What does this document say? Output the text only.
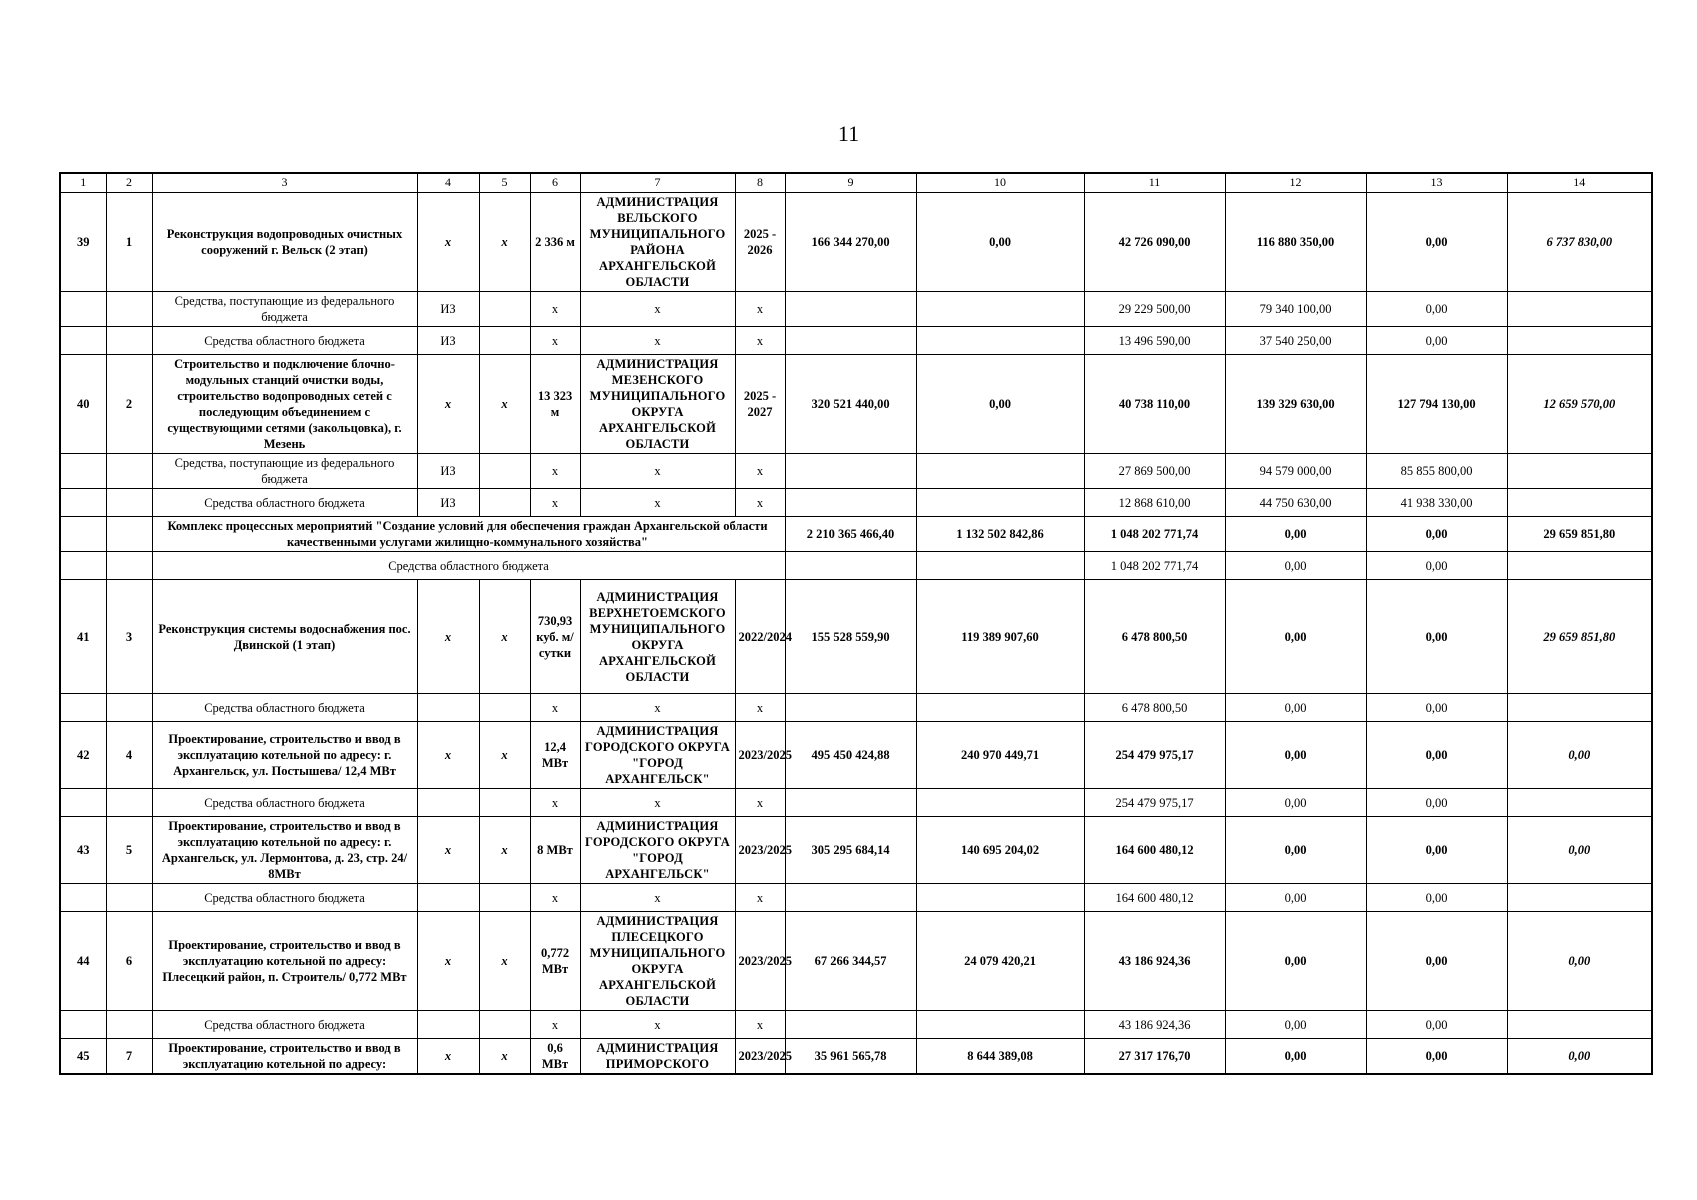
11
1	2	3	4	5	6	7	8	9	10	11	12	13	14
39	1	Реконструкция водопроводных очистных сооружений г. Вельск (2 этап)	х	х	2 336 м	АДМИНИСТРАЦИЯ ВЕЛЬСКОГО МУНИЦИПАЛЬНОГО РАЙОНА АРХАНГЕЛЬСКОЙ ОБЛАСТИ	2025 - 2026	166 344 270,00	0,00	42 726 090,00	116 880 350,00	0,00	6 737 830,00
		Средства, поступающие из федерального бюджета	ИЗ		х	х	х			29 229 500,00	79 340 100,00	0,00	
		Средства областного бюджета	ИЗ		х	х	х			13 496 590,00	37 540 250,00	0,00	
40	2	Строительство и подключение блочно-модульных станций очистки воды, строительство водопроводных сетей с последующим объединением с существующими сетями (закольцовка), г. Мезень	х	х	13 323 м	АДМИНИСТРАЦИЯ МЕЗЕНСКОГО МУНИЦИПАЛЬНОГО ОКРУГА АРХАНГЕЛЬСКОЙ ОБЛАСТИ	2025 - 2027	320 521 440,00	0,00	40 738 110,00	139 329 630,00	127 794 130,00	12 659 570,00
		Средства, поступающие из федерального бюджета	ИЗ		х	х	х			27 869 500,00	94 579 000,00	85 855 800,00	
		Средства областного бюджета	ИЗ		х	х	х			12 868 610,00	44 750 630,00	41 938 330,00	
		Комплекс процессных мероприятий "Создание условий для обеспечения граждан Архангельской области качественными услугами жилищно-коммунального хозяйства"						2 210 365 466,40	1 132 502 842,86	1 048 202 771,74	0,00	0,00	29 659 851,80
		Средства областного бюджета								1 048 202 771,74	0,00	0,00	
41	3	Реконструкция системы водоснабжения пос. Двинской (1 этап)	х	х	730,93 куб. м/сутки	АДМИНИСТРАЦИЯ ВЕРХНЕТОЕМСКОГО МУНИЦИПАЛЬНОГО ОКРУГА АРХАНГЕЛЬСКОЙ ОБЛАСТИ	2022/2024	155 528 559,90	119 389 907,60	6 478 800,50	0,00	0,00	29 659 851,80
		Средства областного бюджета			х	х	х			6 478 800,50	0,00	0,00	
42	4	Проектирование, строительство и ввод в эксплуатацию котельной по адресу: г. Архангельск, ул. Постышева/ 12,4 МВт	х	х	12,4 МВт	АДМИНИСТРАЦИЯ ГОРОДСКОГО ОКРУГА "ГОРОД АРХАНГЕЛЬСК"	2023/2025	495 450 424,88	240 970 449,71	254 479 975,17	0,00	0,00	0,00
		Средства областного бюджета			х	х	х			254 479 975,17	0,00	0,00	
43	5	Проектирование, строительство и ввод в эксплуатацию котельной по адресу: г. Архангельск, ул. Лермонтова, д. 23, стр. 24/ 8МВт	х	х	8 МВт	АДМИНИСТРАЦИЯ ГОРОДСКОГО ОКРУГА "ГОРОД АРХАНГЕЛЬСК"	2023/2025	305 295 684,14	140 695 204,02	164 600 480,12	0,00	0,00	0,00
		Средства областного бюджета			х	х	х			164 600 480,12	0,00	0,00	
44	6	Проектирование, строительство и ввод в эксплуатацию котельной по адресу: Плесецкий район, п. Строитель/ 0,772 МВт	х	х	0,772 МВт	АДМИНИСТРАЦИЯ ПЛЕСЕЦКОГО МУНИЦИПАЛЬНОГО ОКРУГА АРХАНГЕЛЬСКОЙ ОБЛАСТИ	2023/2025	67 266 344,57	24 079 420,21	43 186 924,36	0,00	0,00	0,00
		Средства областного бюджета			х	х	х			43 186 924,36	0,00	0,00	
45	7	Проектирование, строительство и ввод в эксплуатацию котельной по адресу:	х	х	0,6 МВт	АДМИНИСТРАЦИЯ ПРИМОРСКОГО	2023/2025	35 961 565,78	8 644 389,08	27 317 176,70	0,00	0,00	0,00
